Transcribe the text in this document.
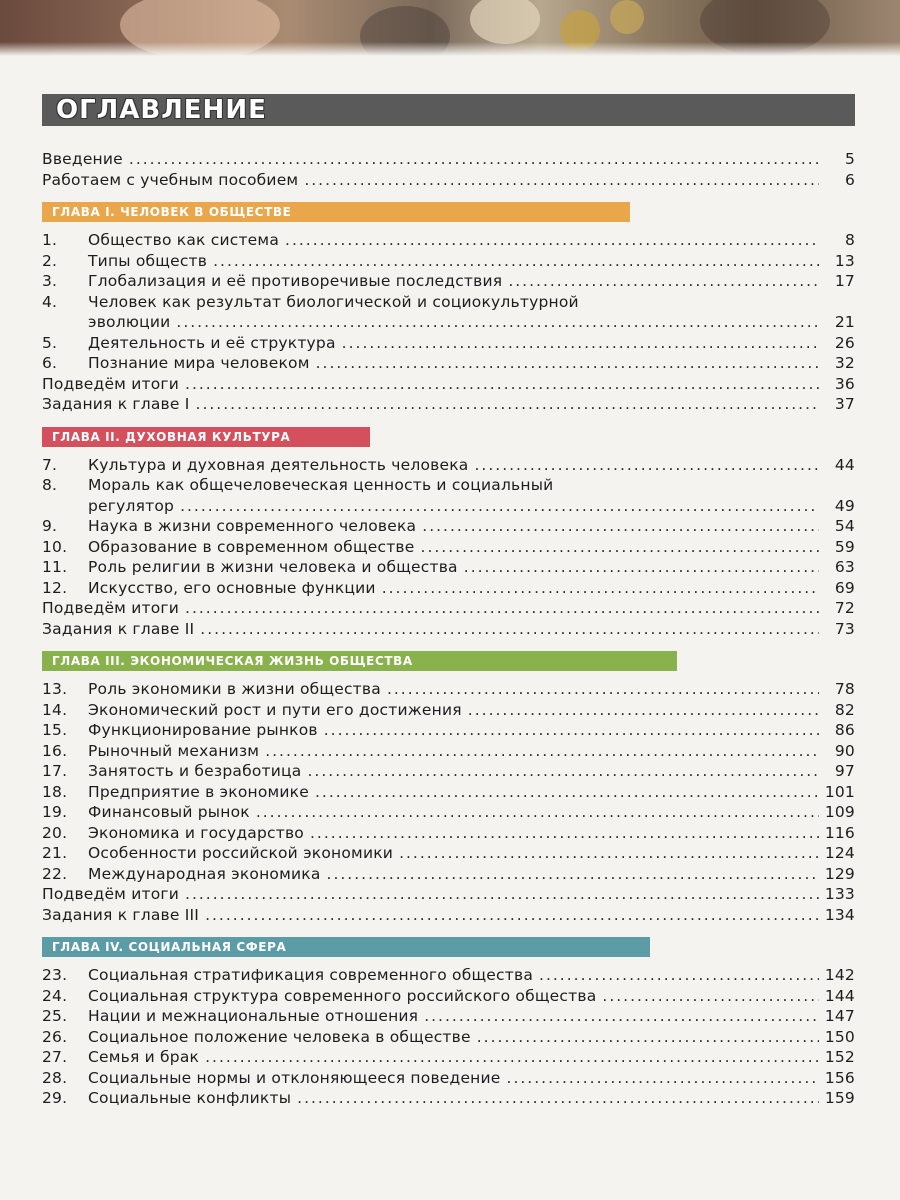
ОГЛАВЛЕНИЕ
Введение .....	5
Работаем с учебным пособием .....	6
ГЛАВА I. ЧЕЛОВЕК В ОБЩЕСТВЕ
1.	Общество как система .....	8
2.	Типы обществ .....	13
3.	Глобализация и её противоречивые последствия .....	17
4.	Человек как результат биологической и социокультурной
эволюции .....	21
5.	Деятельность и её структура .....	26
6.	Познание мира человеком .....	32
Подведём итоги .....	36
Задания к главе I .....	37
ГЛАВА II. ДУХОВНАЯ КУЛЬТУРА
7.	Культура и духовная деятельность человека .....	44
8.	Мораль как общечеловеческая ценность и социальный
регулятор .....	49
9.	Наука в жизни современного человека .....	54
10.	Образование в современном обществе .....	59
11.	Роль религии в жизни человека и общества .....	63
12.	Искусство, его основные функции .....	69
Подведём итоги .....	72
Задания к главе II .....	73
ГЛАВА III. ЭКОНОМИЧЕСКАЯ ЖИЗНЬ ОБЩЕСТВА
13.	Роль экономики в жизни общества .....	78
14.	Экономический рост и пути его достижения .....	82
15.	Функционирование рынков .....	86
16.	Рыночный механизм .....	90
17.	Занятость и безработица .....	97
18.	Предприятие в экономике .....	101
19.	Финансовый рынок .....	109
20.	Экономика и государство .....	116
21.	Особенности российской экономики .....	124
22.	Международная экономика .....	129
Подведём итоги .....	133
Задания к главе III .....	134
ГЛАВА IV. СОЦИАЛЬНАЯ СФЕРА
23.	Социальная стратификация современного общества .....	142
24.	Социальная структура современного российского общества .....	144
25.	Нации и межнациональные отношения .....	147
26.	Социальное положение человека в обществе .....	150
27.	Семья и брак .....	152
28.	Социальные нормы и отклоняющееся поведение .....	156
29.	Социальные конфликты .....	159
